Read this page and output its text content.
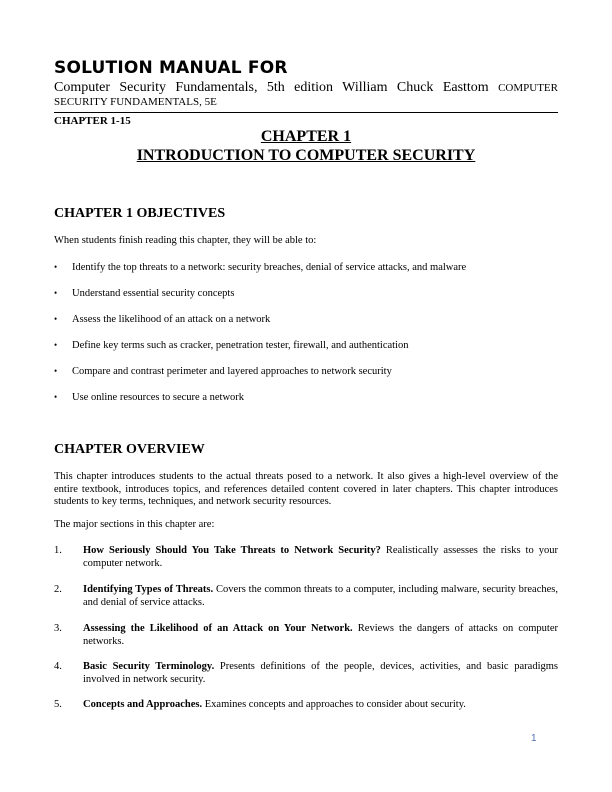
SOLUTION MANUAL FOR
Computer Security Fundamentals, 5th edition William Chuck Easttom COMPUTER SECURITY FUNDAMENTALS, 5E
CHAPTER 1-15
CHAPTER 1
INTRODUCTION TO COMPUTER SECURITY
CHAPTER 1 OBJECTIVES
When students finish reading this chapter, they will be able to:
• Identify the top threats to a network: security breaches, denial of service attacks, and malware
• Understand essential security concepts
• Assess the likelihood of an attack on a network
• Define key terms such as cracker, penetration tester, firewall, and authentication
• Compare and contrast perimeter and layered approaches to network security
• Use online resources to secure a network
CHAPTER OVERVIEW
This chapter introduces students to the actual threats posed to a network. It also gives a high-level overview of the entire textbook, introduces topics, and references detailed content covered in later chapters. This chapter introduces students to key terms, techniques, and network security resources.
The major sections in this chapter are:
1. How Seriously Should You Take Threats to Network Security? Realistically assesses the risks to your computer network.
2. Identifying Types of Threats. Covers the common threats to a computer, including malware, security breaches, and denial of service attacks.
3. Assessing the Likelihood of an Attack on Your Network. Reviews the dangers of attacks on computer networks.
4. Basic Security Terminology. Presents definitions of the people, devices, activities, and basic paradigms involved in network security.
5. Concepts and Approaches. Examines concepts and approaches to consider about security.
1
